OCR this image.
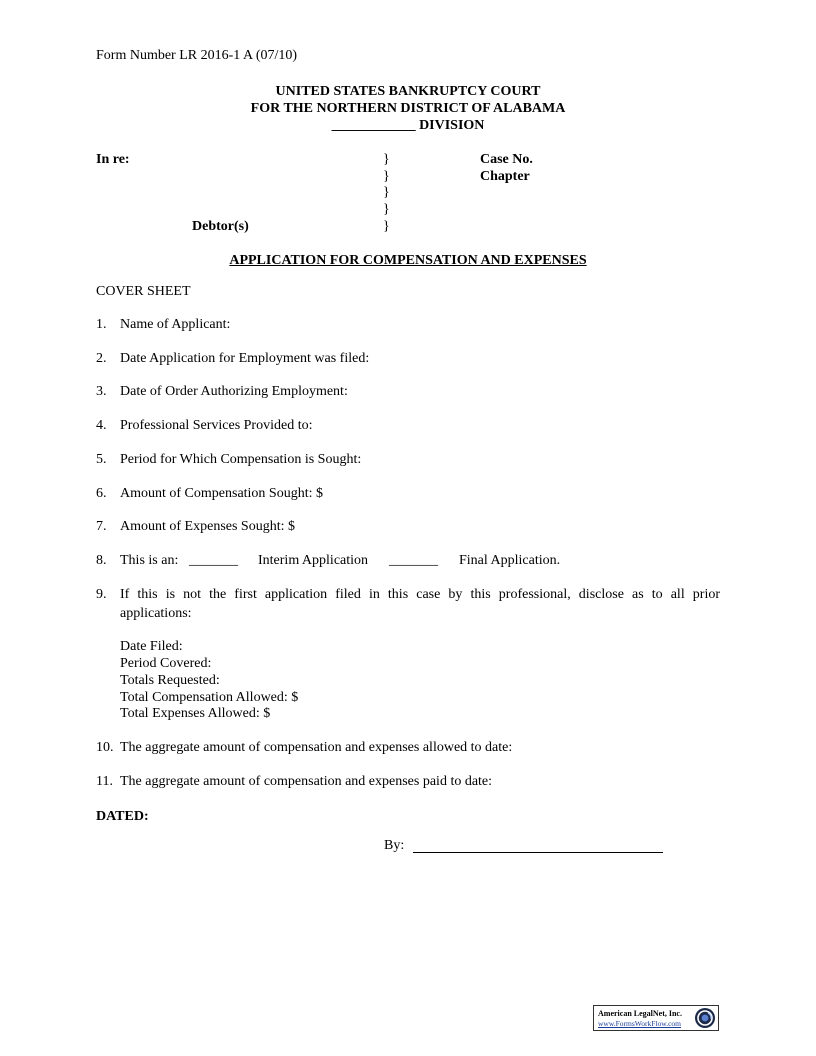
Form Number LR 2016-1 A (07/10)
UNITED STATES BANKRUPTCY COURT
FOR THE NORTHERN DISTRICT OF ALABAMA
____________ DIVISION
In re:
Debtor(s)
}
}
}
}
}
Case No.
Chapter
APPLICATION FOR COMPENSATION AND EXPENSES
COVER SHEET
1. Name of Applicant:
2. Date Application for Employment was filed:
3. Date of Order Authorizing Employment:
4. Professional Services Provided to:
5. Period for Which Compensation is Sought:
6. Amount of Compensation Sought: $
7. Amount of Expenses Sought: $
8. This is an: _______ Interim Application _______ Final Application.
9. If this is not the first application filed in this case by this professional, disclose as to all prior
applications:
Date Filed:
Period Covered:
Totals Requested:
Total Compensation Allowed: $
Total Expenses Allowed: $
10. The aggregate amount of compensation and expenses allowed to date:
11. The aggregate amount of compensation and expenses paid to date:
DATED:
By:
American LegalNet, Inc.
www.FormsWorkFlow.com
